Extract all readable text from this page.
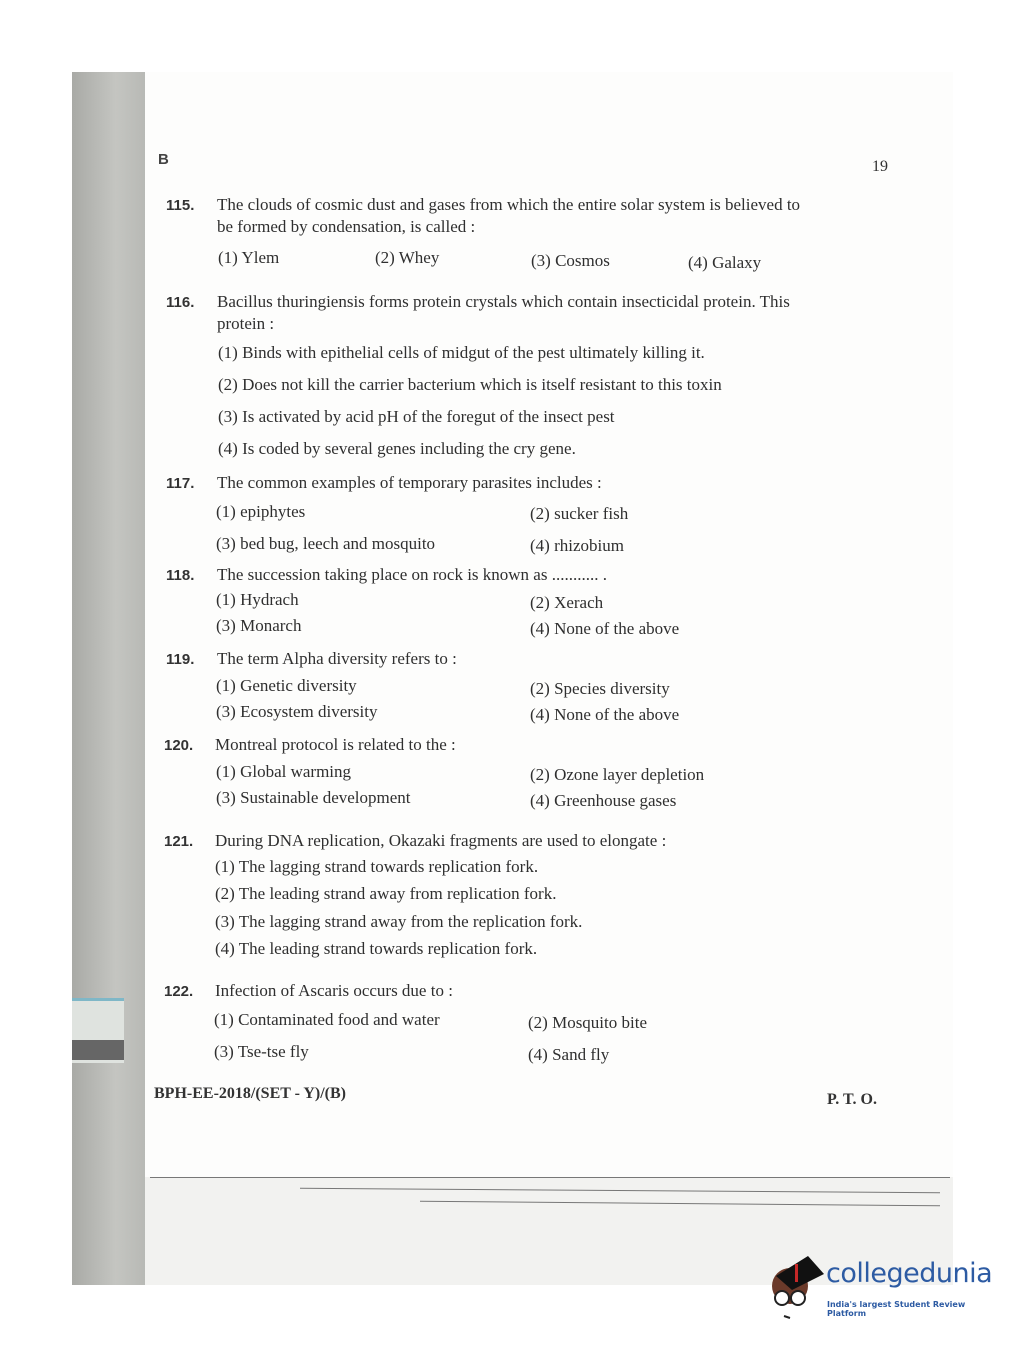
B	19
115. The clouds of cosmic dust and gases from which the entire solar system is believed to
be formed by condensation, is called :
(1) Ylem	(2) Whey	(3) Cosmos	(4) Galaxy
116. Bacillus thuringiensis forms protein crystals which contain insecticidal protein. This
protein :
(1) Binds with epithelial cells of midgut of the pest ultimately killing it.
(2) Does not kill the carrier bacterium which is itself resistant to this toxin
(3) Is activated by acid pH of the foregut of the insect pest
(4) Is coded by several genes including the cry gene.
117. The common examples of temporary parasites includes :
(1) epiphytes	(2) sucker fish
(3) bed bug, leech and mosquito	(4) rhizobium
118. The succession taking place on rock is known as ........... .
(1) Hydrach	(2) Xerach
(3) Monarch	(4) None of the above
119. The term Alpha diversity refers to :
(1) Genetic diversity	(2) Species diversity
(3) Ecosystem diversity	(4) None of the above
120. Montreal protocol is related to the :
(1) Global warming	(2) Ozone layer depletion
(3) Sustainable development	(4) Greenhouse gases
121. During DNA replication, Okazaki fragments are used to elongate :
(1) The lagging strand towards replication fork.
(2) The leading strand away from replication fork.
(3) The lagging strand away from the replication fork.
(4) The leading strand towards replication fork.
122. Infection of Ascaris occurs due to :
(1) Contaminated food and water	(2) Mosquito bite
(3) Tse-tse fly	(4) Sand fly
BPH-EE-2018/(SET - Y)/(B)	P. T. O.
collegedunia
India's largest Student Review Platform
